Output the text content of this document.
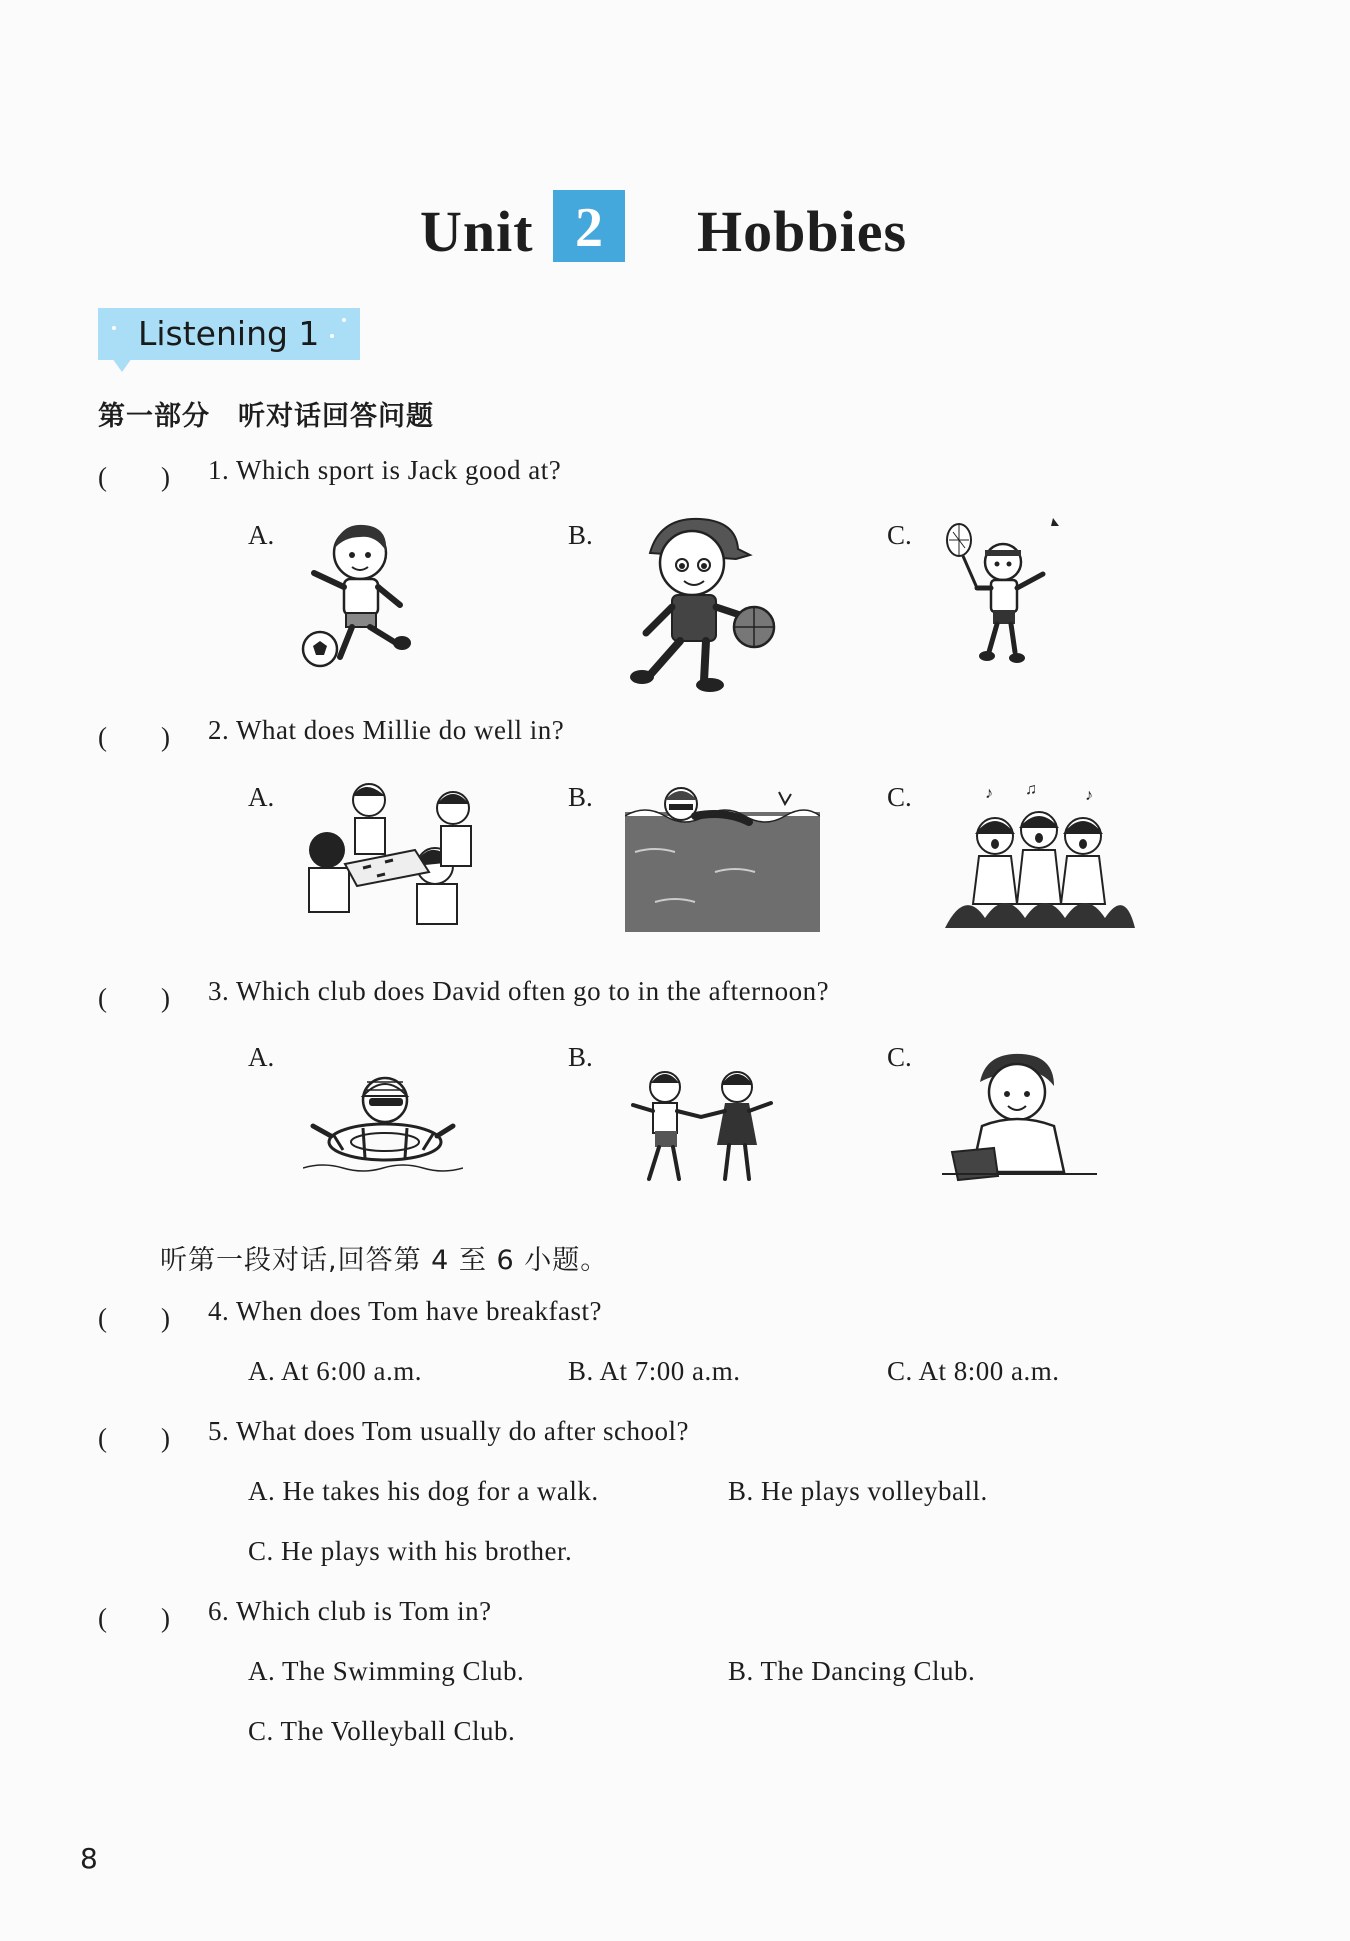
Unit 2	Hobbies
Listening 1
第一部分　听对话回答问题
(　　) 1. Which sport is Jack good at?
A.	B.	C.
(　　) 2. What does Millie do well in?
A.	B.	C.	♪ ♫	♪
(　　) 3. Which club does David often go to in the afternoon?
A.	B.	C.
听第一段对话,回答第 4 至 6 小题。
(　　) 4. When does Tom have breakfast?
A. At 6:00 a.m.	B. At 7:00 a.m.	C. At 8:00 a.m.
(　　) 5. What does Tom usually do after school?
A. He takes his dog for a walk.	B. He plays volleyball.
C. He plays with his brother.
(　　) 6. Which club is Tom in?
A. The Swimming Club.	B. The Dancing Club.
C. The Volleyball Club.
8
